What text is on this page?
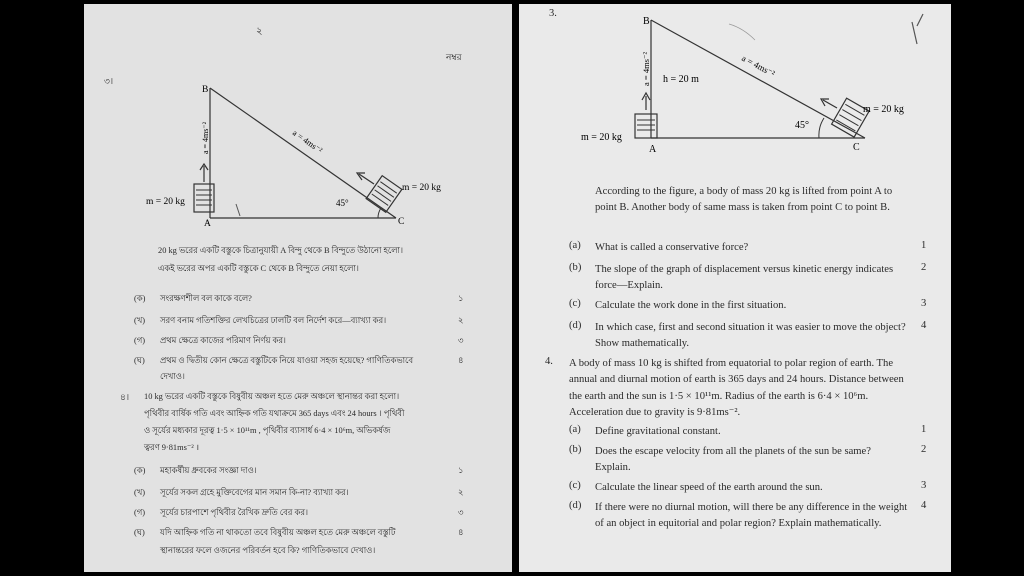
২
নম্বর
৩।
B
A	C
a = 4ms⁻²	a = 4ms⁻²
45°
m = 20 kg
m = 20 kg
20 kg ভরের একটি বস্তুকে চিত্রানুযায়ী A বিন্দু থেকে B বিন্দুতে উঠানো হলো।
একই ভরের অপর একটি বস্তুকে C থেকে B বিন্দুতে নেয়া হলো।
(ক) সংরক্ষণশীল বল কাকে বলে?	১
(খ) সরণ বনাম গতিশক্তির লেখচিত্রের ঢালটি বল নির্দেশ করে—ব্যাখ্যা কর।	২
(গ) প্রথম ক্ষেত্রে কাজের পরিমাণ নির্ণয় কর।	৩
(ঘ) প্রথম ও দ্বিতীয় কোন ক্ষেত্রে বস্তুটিকে নিয়ে যাওয়া সহজ হয়েছে? গাণিতিকভাবে
দেখাও।
৪
৪। 10 kg ভরের একটি বস্তুকে বিষুবীয় অঞ্চল হতে মেরু অঞ্চলে স্থানান্তর করা হলো।
পৃথিবীর বার্ষিক গতি এবং আহ্নিক গতি যথাক্রমে 365 days এবং 24 hours । পৃথিবী
ও সূর্যের মধ্যকার দূরত্ব 1·5 × 10¹¹m , পৃথিবীর ব্যাসার্ধ 6·4 × 10⁶m, অভিকর্ষজ
ত্বরণ 9·81ms⁻² ।
(ক) মহাকর্ষীয় ধ্রুবকের সংজ্ঞা দাও।	১
(খ) সূর্যের সকল গ্রহে মুক্তিবেগের মান সমান কি-না? ব্যাখ্যা কর।	২
(গ) সূর্যের চারপাশে পৃথিবীর রৈখিক দ্রুতি বের কর।	৩
(ঘ) যদি আহ্নিক গতি না থাকতো তবে বিষুবীয় অঞ্চল হতে মেরু অঞ্চলে বস্তুটি
স্থানান্তরের ফলে ওজনের পরিবর্তন হবে কি? গাণিতিকভাবে দেখাও।
৪
3.
B
A	C
a = 4ms⁻² h = 20 m
a = 4ms⁻²
45°
m = 20 kg
m = 20 kg
According to the figure, a body of mass 20 kg is lifted from point A to point B. Another body of same mass is taken from point C to point B.
(a) What is called a conservative force?	1
(b) The slope of the graph of displacement versus kinetic energy indicates force—Explain.
2
(c) Calculate the work done in the first situation.	3
(d) In which case, first and second situation it was easier to move the object? Show mathematically.
4
4. A body of mass 10 kg is shifted from equatorial to polar region of earth. The annual and diurnal motion of earth is 365 days and 24 hours. Distance between the earth and the sun is 1·5 × 10¹¹m. Radius of the earth is 6·4 × 10⁶m. Acceleration due to gravity is 9·81ms⁻².
(a) Define gravitational constant.	1
(b) Does the escape velocity from all the planets of the sun be same? Explain.
2
(c) Calculate the linear speed of the earth around the sun.	3
(d) If there were no diurnal motion, will there be any difference in the weight of an object in equitorial and polar region? Explain mathematically.
4
